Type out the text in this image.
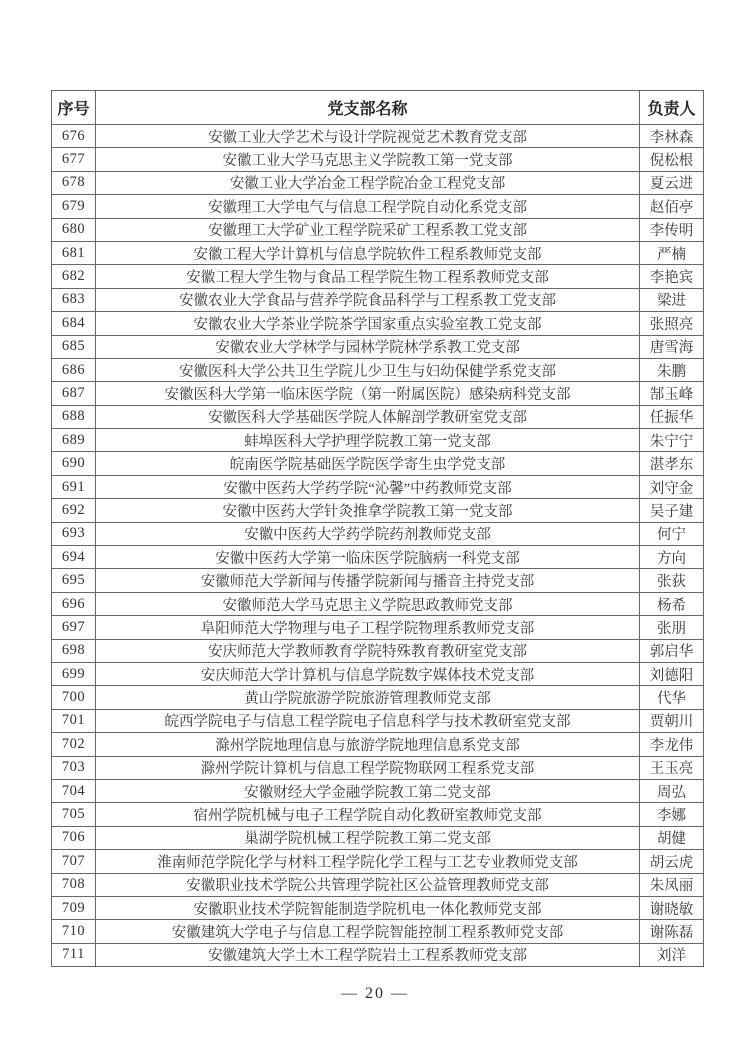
序号	党支部名称	负责人
676	安徽工业大学艺术与设计学院视觉艺术教育党支部	李林森
677	安徽工业大学马克思主义学院教工第一党支部	倪松根
678	安徽工业大学冶金工程学院冶金工程党支部	夏云进
679	安徽理工大学电气与信息工程学院自动化系党支部	赵佰亭
680	安徽理工大学矿业工程学院采矿工程系教工党支部	李传明
681	安徽工程大学计算机与信息学院软件工程系教师党支部	严楠
682	安徽工程大学生物与食品工程学院生物工程系教师党支部	李艳宾
683	安徽农业大学食品与营养学院食品科学与工程系教工党支部	梁进
684	安徽农业大学茶业学院茶学国家重点实验室教工党支部	张照亮
685	安徽农业大学林学与园林学院林学系教工党支部	唐雪海
686	安徽医科大学公共卫生学院儿少卫生与妇幼保健学系党支部	朱鹏
687	安徽医科大学第一临床医学院（第一附属医院）感染病科党支部	郜玉峰
688	安徽医科大学基础医学院人体解剖学教研室党支部	任振华
689	蚌埠医科大学护理学院教工第一党支部	朱宁宁
690	皖南医学院基础医学院医学寄生虫学党支部	湛孝东
691	安徽中医药大学药学院“沁馨”中药教师党支部	刘守金
692	安徽中医药大学针灸推拿学院教工第一党支部	吴子建
693	安徽中医药大学药学院药剂教师党支部	何宁
694	安徽中医药大学第一临床医学院脑病一科党支部	方向
695	安徽师范大学新闻与传播学院新闻与播音主持党支部	张荻
696	安徽师范大学马克思主义学院思政教师党支部	杨希
697	阜阳师范大学物理与电子工程学院物理系教师党支部	张朋
698	安庆师范大学教师教育学院特殊教育教研室党支部	郭启华
699	安庆师范大学计算机与信息学院数字媒体技术党支部	刘德阳
700	黄山学院旅游学院旅游管理教师党支部	代华
701	皖西学院电子与信息工程学院电子信息科学与技术教研室党支部	贾朝川
702	滁州学院地理信息与旅游学院地理信息系党支部	李龙伟
703	滁州学院计算机与信息工程学院物联网工程系党支部	王玉亮
704	安徽财经大学金融学院教工第二党支部	周弘
705	宿州学院机械与电子工程学院自动化教研室教师党支部	李娜
706	巢湖学院机械工程学院教工第二党支部	胡健
707	淮南师范学院化学与材料工程学院化学工程与工艺专业教师党支部	胡云虎
708	安徽职业技术学院公共管理学院社区公益管理教师党支部	朱凤丽
709	安徽职业技术学院智能制造学院机电一体化教师党支部	谢晓敏
710	安徽建筑大学电子与信息工程学院智能控制工程系教师党支部	谢陈磊
711	安徽建筑大学土木工程学院岩土工程系教师党支部	刘洋
— 20 —
